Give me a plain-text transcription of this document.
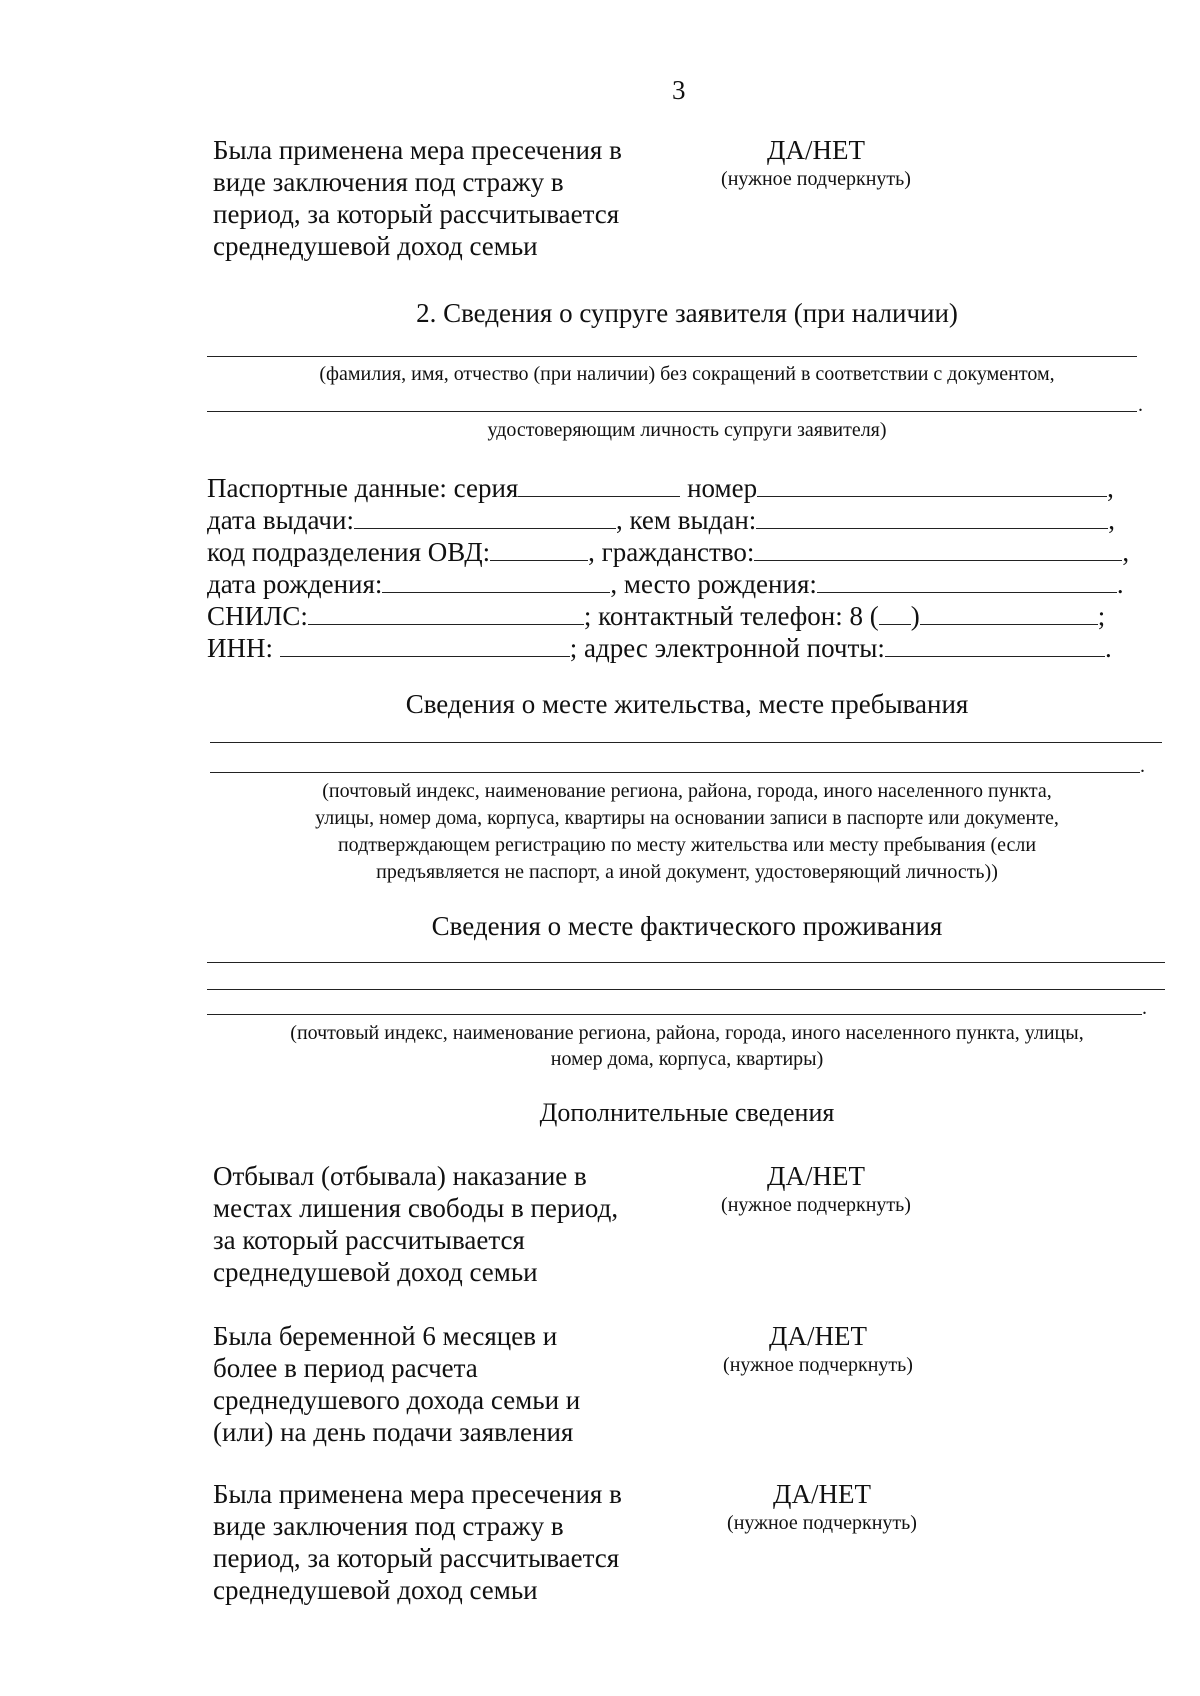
3
Была применена мера пресечения в
виде заключения под стражу в
период, за который рассчитывается
среднедушевой доход семьи
ДА/НЕТ
(нужное подчеркнуть)
2. Сведения о супруге заявителя (при наличии)
(фамилия, имя, отчество (при наличии) без сокращений в соответствии с документом,
.
удостоверяющим личность супруги заявителя)
Паспортные данные: серия	номер	,
дата выдачи:	, кем выдан:	,
код подразделения ОВД:	, гражданство:	,
дата рождения:	, место рождения:	.
СНИЛС:	; контактный телефон: 8 ( )	;
ИНН:	; адрес электронной почты:	.
Сведения о месте жительства, месте пребывания
.
(почтовый индекс, наименование региона, района, города, иного населенного пункта,
улицы, номер дома, корпуса, квартиры на основании записи в паспорте или документе,
подтверждающем регистрацию по месту жительства или месту пребывания (если
предъявляется не паспорт, а иной документ, удостоверяющий личность))
Сведения о месте фактического проживания
.
(почтовый индекс, наименование региона, района, города, иного населенного пункта, улицы,
номер дома, корпуса, квартиры)
Дополнительные сведения
Отбывал (отбывала) наказание в
местах лишения свободы в период,
за который рассчитывается
среднедушевой доход семьи
ДА/НЕТ
(нужное подчеркнуть)
Была беременной 6 месяцев и
более в период расчета
среднедушевого дохода семьи и
(или) на день подачи заявления
ДА/НЕТ
(нужное подчеркнуть)
Была применена мера пресечения в
виде заключения под стражу в
период, за который рассчитывается
среднедушевой доход семьи
ДА/НЕТ
(нужное подчеркнуть)
